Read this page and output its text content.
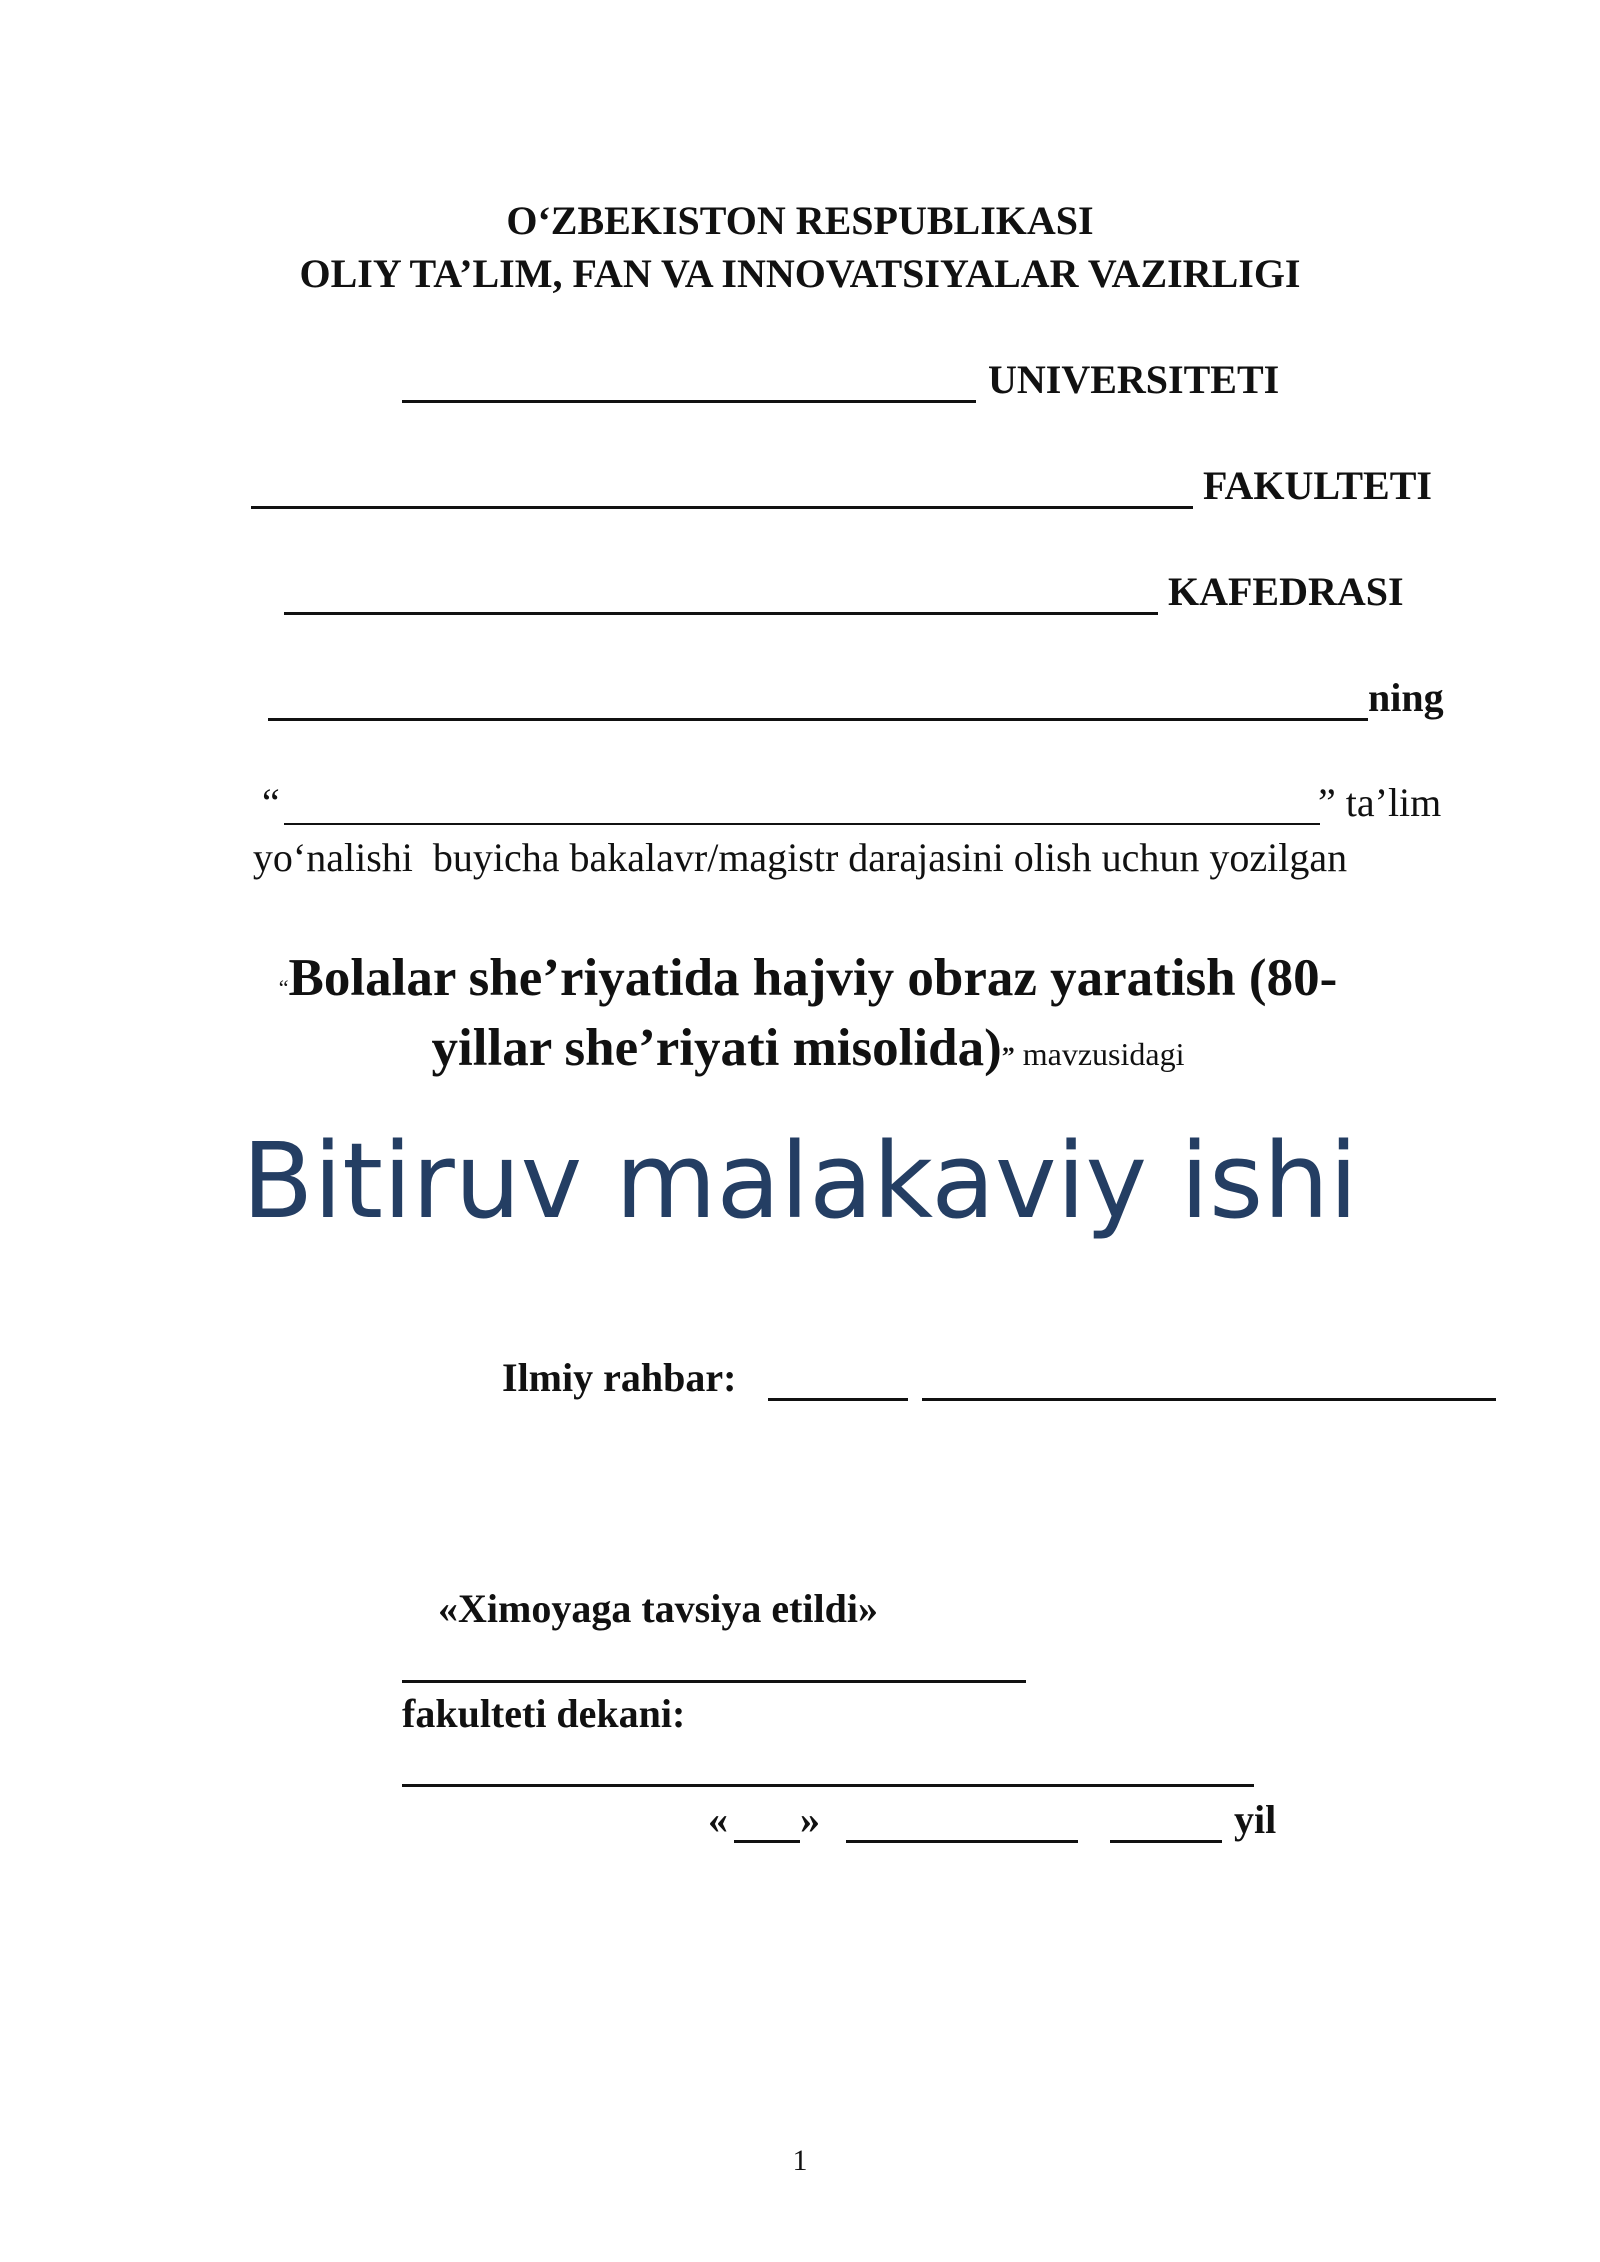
O‘ZBEKISTON RESPUBLIKASI
OLIY TA’LIM, FAN VA INNOVATSIYALAR VAZIRLIGI
UNIVERSITETI
FAKULTETI
KAFEDRASI
ning
“	” ta’lim
yo‘nalishi  buyicha bakalavr/magistr darajasini olish uchun yozilgan

“Bolalar she’riyatida hajviy obraz yaratish (80-

yillar she’riyati misolida)” mavzusidagi

Bitiruv malakaviy ishi
Ilmiy rahbar:
«Ximoyaga tavsiya etildi»
fakulteti dekani:
« »	yil
1
